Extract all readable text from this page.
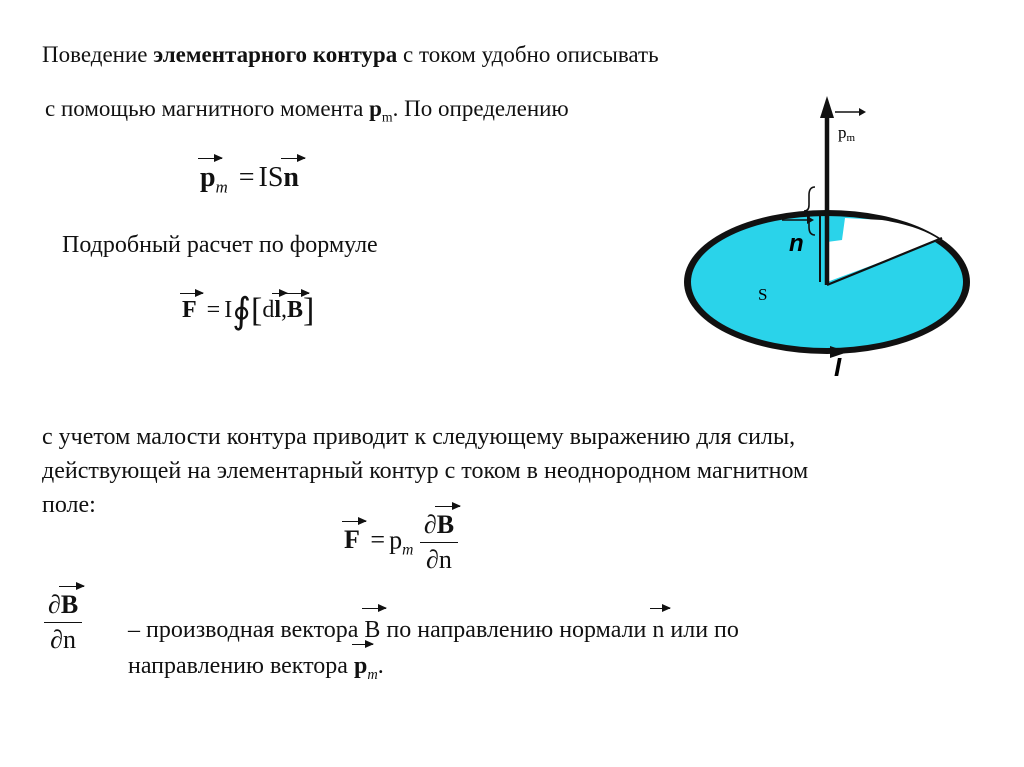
Поведение элементарного контура с током удобно описывать
с помощью магнитного момента $p_m$. По определению
$p_m$ = ISn
Подробный расчет по формуле
F = I∮[dl,B]
pm
n
S
I
с учетом малости контура приводит к следующему выражению для силы,
действующей на элементарный контур с током в неоднородном магнитном
поле:
$F = p_m \frac{\partial B}{\partial n}$
$\frac{\partial B}{\partial n}$ – производная вектора B по направлению нормали n или по
направлению вектора $p_m$.
